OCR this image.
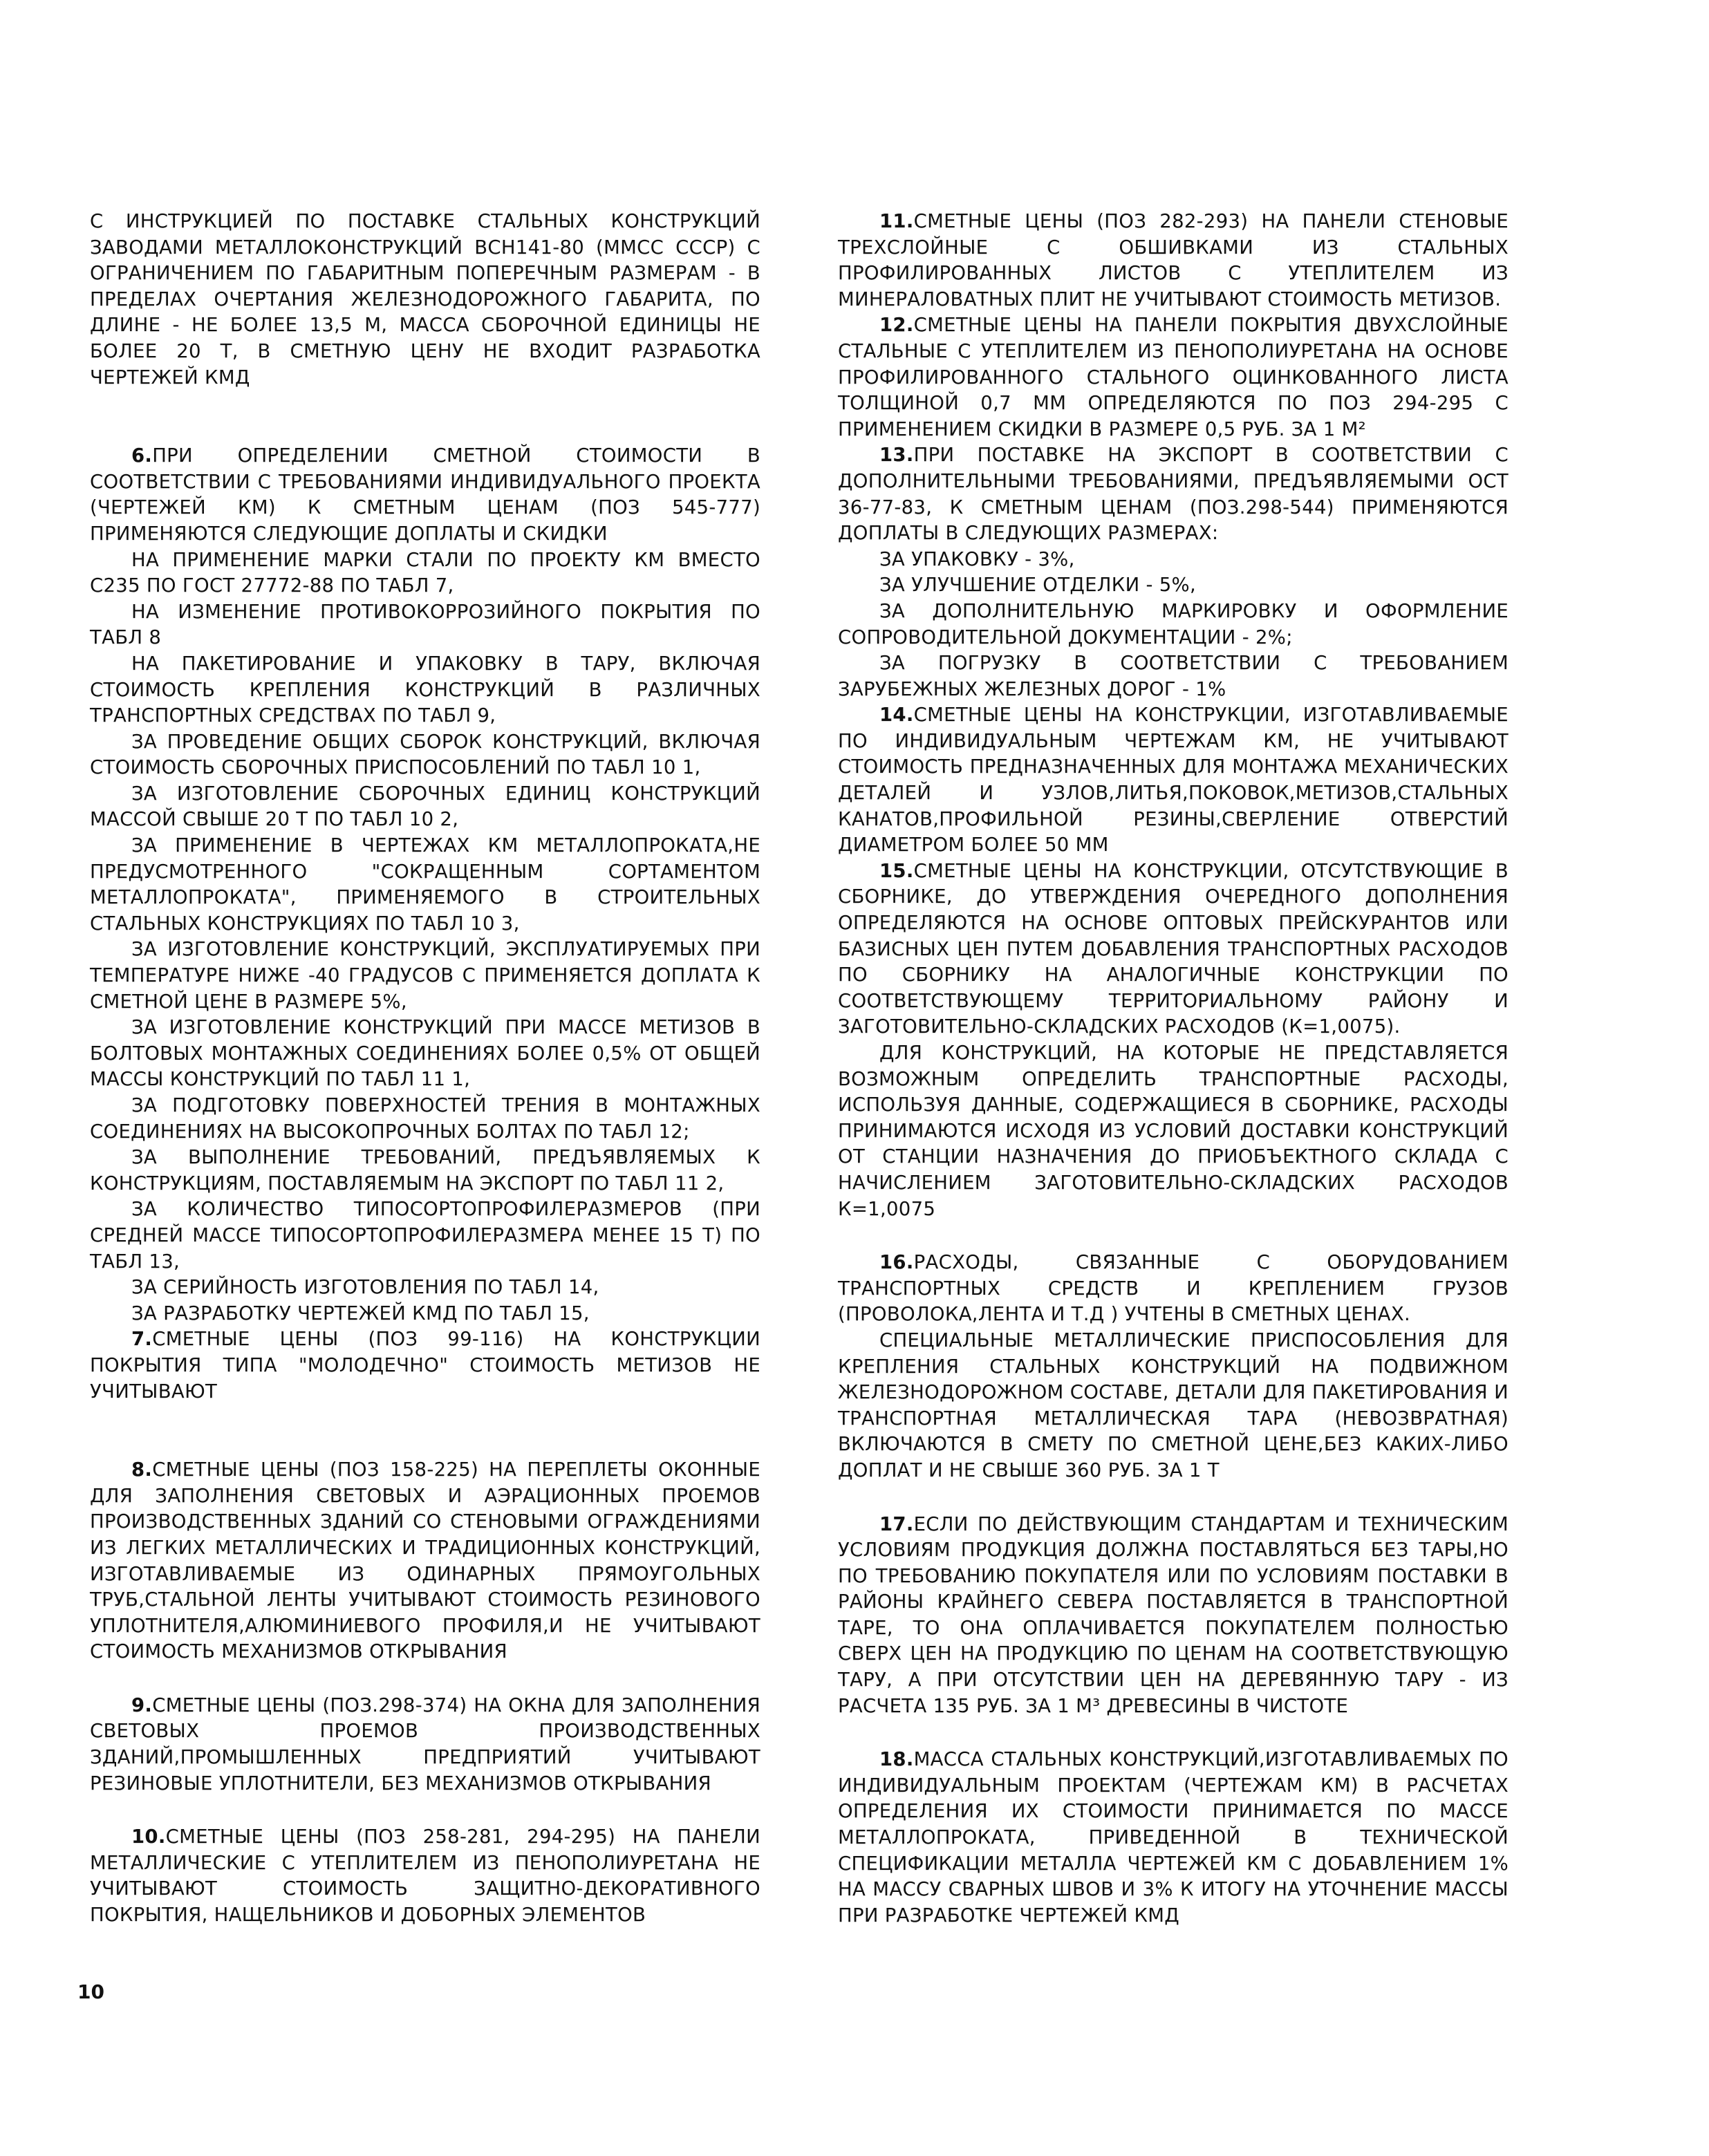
С ИНСТРУКЦИЕЙ ПО ПОСТАВКЕ СТАЛЬНЫХ КОНСТРУКЦИЙ ЗАВОДАМИ МЕТАЛЛОКОНСТРУКЦИЙ ВСН141-80 (ММСС СССР) С ОГРАНИЧЕНИЕМ ПО ГАБАРИТНЫМ ПОПЕРЕЧНЫМ РАЗМЕРАМ - В ПРЕДЕЛАХ ОЧЕРТАНИЯ ЖЕЛЕЗНОДОРОЖНОГО ГАБАРИТА, ПО ДЛИНЕ - НЕ БОЛЕЕ 13,5 М, МАССА СБОРОЧНОЙ ЕДИНИЦЫ НЕ БОЛЕЕ 20 Т, В СМЕТНУЮ ЦЕНУ НЕ ВХОДИТ РАЗРАБОТКА ЧЕРТЕЖЕЙ КМД

6.ПРИ ОПРЕДЕЛЕНИИ СМЕТНОЙ СТОИМОСТИ В СООТВЕТСТВИИ С ТРЕБОВАНИЯМИ ИНДИВИДУАЛЬНОГО ПРОЕКТА (ЧЕРТЕЖЕЙ КМ) К СМЕТНЫМ ЦЕНАМ (ПОЗ 545-777) ПРИМЕНЯЮТСЯ СЛЕДУЮЩИЕ ДОПЛАТЫ И СКИДКИ

НА ПРИМЕНЕНИЕ МАРКИ СТАЛИ ПО ПРОЕКТУ КМ ВМЕСТО С235 ПО ГОСТ 27772-88 ПО ТАБЛ 7,

НА ИЗМЕНЕНИЕ ПРОТИВОКОРРОЗИЙНОГО ПОКРЫТИЯ ПО ТАБЛ 8

НА ПАКЕТИРОВАНИЕ И УПАКОВКУ В ТАРУ, ВКЛЮЧАЯ СТОИМОСТЬ КРЕПЛЕНИЯ КОНСТРУКЦИЙ В РАЗЛИЧНЫХ ТРАНСПОРТНЫХ СРЕДСТВАХ ПО ТАБЛ 9,

ЗА ПРОВЕДЕНИЕ ОБЩИХ СБОРОК КОНСТРУКЦИЙ, ВКЛЮЧАЯ СТОИМОСТЬ СБОРОЧНЫХ ПРИСПОСОБЛЕНИЙ ПО ТАБЛ 10 1,

ЗА ИЗГОТОВЛЕНИЕ СБОРОЧНЫХ ЕДИНИЦ КОНСТРУКЦИЙ МАССОЙ СВЫШЕ 20 Т ПО ТАБЛ 10 2,

ЗА ПРИМЕНЕНИЕ В ЧЕРТЕЖАХ КМ МЕТАЛЛОПРОКАТА,НЕ ПРЕДУСМОТРЕННОГО "СОКРАЩЕННЫМ СОРТАМЕНТОМ МЕТАЛЛОПРОКАТА", ПРИМЕНЯЕМОГО В СТРОИТЕЛЬНЫХ СТАЛЬНЫХ КОНСТРУКЦИЯХ ПО ТАБЛ 10 3,

ЗА ИЗГОТОВЛЕНИЕ КОНСТРУКЦИЙ, ЭКСПЛУАТИРУЕМЫХ ПРИ ТЕМПЕРАТУРЕ НИЖЕ -40 ГРАДУСОВ С ПРИМЕНЯЕТСЯ ДОПЛАТА К СМЕТНОЙ ЦЕНЕ В РАЗМЕРЕ 5%,

ЗА ИЗГОТОВЛЕНИЕ КОНСТРУКЦИЙ ПРИ МАССЕ МЕТИЗОВ В БОЛТОВЫХ МОНТАЖНЫХ СОЕДИНЕНИЯХ БОЛЕЕ 0,5% ОТ ОБЩЕЙ МАССЫ КОНСТРУКЦИЙ ПО ТАБЛ 11 1,

ЗА ПОДГОТОВКУ ПОВЕРХНОСТЕЙ ТРЕНИЯ В МОНТАЖНЫХ СОЕДИНЕНИЯХ НА ВЫСОКОПРОЧНЫХ БОЛТАХ ПО ТАБЛ 12;

ЗА ВЫПОЛНЕНИЕ ТРЕБОВАНИЙ, ПРЕДЪЯВЛЯЕМЫХ К КОНСТРУКЦИЯМ, ПОСТАВЛЯЕМЫМ НА ЭКСПОРТ ПО ТАБЛ 11 2,

ЗА КОЛИЧЕСТВО ТИПОСОРТОПРОФИЛЕРАЗМЕРОВ (ПРИ СРЕДНЕЙ МАССЕ ТИПОСОРТОПРОФИЛЕРАЗМЕРА МЕНЕЕ 15 Т) ПО ТАБЛ 13,

ЗА СЕРИЙНОСТЬ ИЗГОТОВЛЕНИЯ ПО ТАБЛ 14,

ЗА РАЗРАБОТКУ ЧЕРТЕЖЕЙ КМД ПО ТАБЛ 15,

7.СМЕТНЫЕ ЦЕНЫ (ПОЗ 99-116) НА КОНСТРУКЦИИ ПОКРЫТИЯ ТИПА "МОЛОДЕЧНО" СТОИМОСТЬ МЕТИЗОВ НЕ УЧИТЫВАЮТ

8.СМЕТНЫЕ ЦЕНЫ (ПОЗ 158-225) НА ПЕРЕПЛЕТЫ ОКОННЫЕ ДЛЯ ЗАПОЛНЕНИЯ СВЕТОВЫХ И АЭРАЦИОННЫХ ПРОЕМОВ ПРОИЗВОДСТВЕННЫХ ЗДАНИЙ СО СТЕНОВЫМИ ОГРАЖДЕНИЯМИ ИЗ ЛЕГКИХ МЕТАЛЛИЧЕСКИХ И ТРАДИЦИОННЫХ КОНСТРУКЦИЙ, ИЗГОТАВЛИВАЕМЫЕ ИЗ ОДИНАРНЫХ ПРЯМОУГОЛЬНЫХ ТРУБ,СТАЛЬНОЙ ЛЕНТЫ УЧИТЫВАЮТ СТОИМОСТЬ РЕЗИНОВОГО УПЛОТНИТЕЛЯ,АЛЮМИНИЕВОГО ПРОФИЛЯ,И НЕ УЧИТЫВАЮТ СТОИМОСТЬ МЕХАНИЗМОВ ОТКРЫВАНИЯ

9.СМЕТНЫЕ ЦЕНЫ (ПОЗ.298-374) НА ОКНА ДЛЯ ЗАПОЛНЕНИЯ СВЕТОВЫХ ПРОЕМОВ ПРОИЗВОДСТВЕННЫХ ЗДАНИЙ,ПРОМЫШЛЕННЫХ ПРЕДПРИЯТИЙ УЧИТЫВАЮТ РЕЗИНОВЫЕ УПЛОТНИТЕЛИ, БЕЗ МЕХАНИЗМОВ ОТКРЫВАНИЯ

10.СМЕТНЫЕ ЦЕНЫ (ПОЗ 258-281, 294-295) НА ПАНЕЛИ МЕТАЛЛИЧЕСКИЕ С УТЕПЛИТЕЛЕМ ИЗ ПЕНОПОЛИУРЕТАНА НЕ УЧИТЫВАЮТ СТОИМОСТЬ ЗАЩИТНО-ДЕКОРАТИВНОГО ПОКРЫТИЯ, НАЩЕЛЬНИКОВ И ДОБОРНЫХ ЭЛЕМЕНТОВ

11.СМЕТНЫЕ ЦЕНЫ (ПОЗ 282-293) НА ПАНЕЛИ СТЕНОВЫЕ ТРЕХСЛОЙНЫЕ С ОБШИВКАМИ ИЗ СТАЛЬНЫХ ПРОФИЛИРОВАННЫХ ЛИСТОВ С УТЕПЛИТЕЛЕМ ИЗ МИНЕРАЛОВАТНЫХ ПЛИТ НЕ УЧИТЫВАЮТ СТОИМОСТЬ МЕТИЗОВ.

12.СМЕТНЫЕ ЦЕНЫ НА ПАНЕЛИ ПОКРЫТИЯ ДВУХСЛОЙНЫЕ СТАЛЬНЫЕ С УТЕПЛИТЕЛЕМ ИЗ ПЕНОПОЛИУРЕТАНА НА ОСНОВЕ ПРОФИЛИРОВАННОГО СТАЛЬНОГО ОЦИНКОВАННОГО ЛИСТА ТОЛЩИНОЙ 0,7 ММ ОПРЕДЕЛЯЮТСЯ ПО ПОЗ 294-295 С ПРИМЕНЕНИЕМ СКИДКИ В РАЗМЕРЕ 0,5 РУБ. ЗА 1 М²

13.ПРИ ПОСТАВКЕ НА ЭКСПОРТ В СООТВЕТСТВИИ С ДОПОЛНИТЕЛЬНЫМИ ТРЕБОВАНИЯМИ, ПРЕДЪЯВЛЯЕМЫМИ ОСТ 36-77-83, К СМЕТНЫМ ЦЕНАМ (ПОЗ.298-544) ПРИМЕНЯЮТСЯ ДОПЛАТЫ В СЛЕДУЮЩИХ РАЗМЕРАХ:

ЗА УПАКОВКУ - 3%,

ЗА УЛУЧШЕНИЕ ОТДЕЛКИ - 5%,

ЗА ДОПОЛНИТЕЛЬНУЮ МАРКИРОВКУ И ОФОРМЛЕНИЕ СОПРОВОДИТЕЛЬНОЙ ДОКУМЕНТАЦИИ - 2%;

ЗА ПОГРУЗКУ В СООТВЕТСТВИИ С ТРЕБОВАНИЕМ ЗАРУБЕЖНЫХ ЖЕЛЕЗНЫХ ДОРОГ - 1%

14.СМЕТНЫЕ ЦЕНЫ НА КОНСТРУКЦИИ, ИЗГОТАВЛИВАЕМЫЕ ПО ИНДИВИДУАЛЬНЫМ ЧЕРТЕЖАМ КМ, НЕ УЧИТЫВАЮТ СТОИМОСТЬ ПРЕДНАЗНАЧЕННЫХ ДЛЯ МОНТАЖА МЕХАНИЧЕСКИХ ДЕТАЛЕЙ И УЗЛОВ,ЛИТЬЯ,ПОКОВОК,МЕТИЗОВ,СТАЛЬНЫХ КАНАТОВ,ПРОФИЛЬНОЙ РЕЗИНЫ,СВЕРЛЕНИЕ ОТВЕРСТИЙ ДИАМЕТРОМ БОЛЕЕ 50 ММ

15.СМЕТНЫЕ ЦЕНЫ НА КОНСТРУКЦИИ, ОТСУТСТВУЮЩИЕ В СБОРНИКЕ, ДО УТВЕРЖДЕНИЯ ОЧЕРЕДНОГО ДОПОЛНЕНИЯ ОПРЕДЕЛЯЮТСЯ НА ОСНОВЕ ОПТОВЫХ ПРЕЙСКУРАНТОВ ИЛИ БАЗИСНЫХ ЦЕН ПУТЕМ ДОБАВЛЕНИЯ ТРАНСПОРТНЫХ РАСХОДОВ ПО СБОРНИКУ НА АНАЛОГИЧНЫЕ КОНСТРУКЦИИ ПО СООТВЕТСТВУЮЩЕМУ ТЕРРИТОРИАЛЬНОМУ РАЙОНУ И ЗАГОТОВИТЕЛЬНО-СКЛАДСКИХ РАСХОДОВ (К=1,0075).

ДЛЯ КОНСТРУКЦИЙ, НА КОТОРЫЕ НЕ ПРЕДСТАВЛЯЕТСЯ ВОЗМОЖНЫМ ОПРЕДЕЛИТЬ ТРАНСПОРТНЫЕ РАСХОДЫ, ИСПОЛЬЗУЯ ДАННЫЕ, СОДЕРЖАЩИЕСЯ В СБОРНИКЕ, РАСХОДЫ ПРИНИМАЮТСЯ ИСХОДЯ ИЗ УСЛОВИЙ ДОСТАВКИ КОНСТРУКЦИЙ ОТ СТАНЦИИ НАЗНАЧЕНИЯ ДО ПРИОБЪЕКТНОГО СКЛАДА С НАЧИСЛЕНИЕМ ЗАГОТОВИТЕЛЬНО-СКЛАДСКИХ РАСХОДОВ К=1,0075

16.РАСХОДЫ, СВЯЗАННЫЕ С ОБОРУДОВАНИЕМ ТРАНСПОРТНЫХ СРЕДСТВ И КРЕПЛЕНИЕМ ГРУЗОВ (ПРОВОЛОКА,ЛЕНТА И Т.Д ) УЧТЕНЫ В СМЕТНЫХ ЦЕНАХ.

СПЕЦИАЛЬНЫЕ МЕТАЛЛИЧЕСКИЕ ПРИСПОСОБЛЕНИЯ ДЛЯ КРЕПЛЕНИЯ СТАЛЬНЫХ КОНСТРУКЦИЙ НА ПОДВИЖНОМ ЖЕЛЕЗНОДОРОЖНОМ СОСТАВЕ, ДЕТАЛИ ДЛЯ ПАКЕТИРОВАНИЯ И ТРАНСПОРТНАЯ МЕТАЛЛИЧЕСКАЯ ТАРА (НЕВОЗВРАТНАЯ) ВКЛЮЧАЮТСЯ В СМЕТУ ПО СМЕТНОЙ ЦЕНЕ,БЕЗ КАКИХ-ЛИБО ДОПЛАТ И НЕ СВЫШЕ 360 РУБ. ЗА 1 Т

17.ЕСЛИ ПО ДЕЙСТВУЮЩИМ СТАНДАРТАМ И ТЕХНИЧЕСКИМ УСЛОВИЯМ ПРОДУКЦИЯ ДОЛЖНА ПОСТАВЛЯТЬСЯ БЕЗ ТАРЫ,НО ПО ТРЕБОВАНИЮ ПОКУПАТЕЛЯ ИЛИ ПО УСЛОВИЯМ ПОСТАВКИ В РАЙОНЫ КРАЙНЕГО СЕВЕРА ПОСТАВЛЯЕТСЯ В ТРАНСПОРТНОЙ ТАРЕ, ТО ОНА ОПЛАЧИВАЕТСЯ ПОКУПАТЕЛЕМ ПОЛНОСТЬЮ СВЕРХ ЦЕН НА ПРОДУКЦИЮ ПО ЦЕНАМ НА СООТВЕТСТВУЮЩУЮ ТАРУ, А ПРИ ОТСУТСТВИИ ЦЕН НА ДЕРЕВЯННУЮ ТАРУ - ИЗ РАСЧЕТА 135 РУБ. ЗА 1 М³ ДРЕВЕСИНЫ В ЧИСТОТЕ

18.МАССА СТАЛЬНЫХ КОНСТРУКЦИЙ,ИЗГОТАВЛИВАЕМЫХ ПО ИНДИВИДУАЛЬНЫМ ПРОЕКТАМ (ЧЕРТЕЖАМ КМ) В РАСЧЕТАХ ОПРЕДЕЛЕНИЯ ИХ СТОИМОСТИ ПРИНИМАЕТСЯ ПО МАССЕ МЕТАЛЛОПРОКАТА, ПРИВЕДЕННОЙ В ТЕХНИЧЕСКОЙ СПЕЦИФИКАЦИИ МЕТАЛЛА ЧЕРТЕЖЕЙ КМ С ДОБАВЛЕНИЕМ 1% НА МАССУ СВАРНЫХ ШВОВ И 3% К ИТОГУ НА УТОЧНЕНИЕ МАССЫ ПРИ РАЗРАБОТКЕ ЧЕРТЕЖЕЙ КМД

10
